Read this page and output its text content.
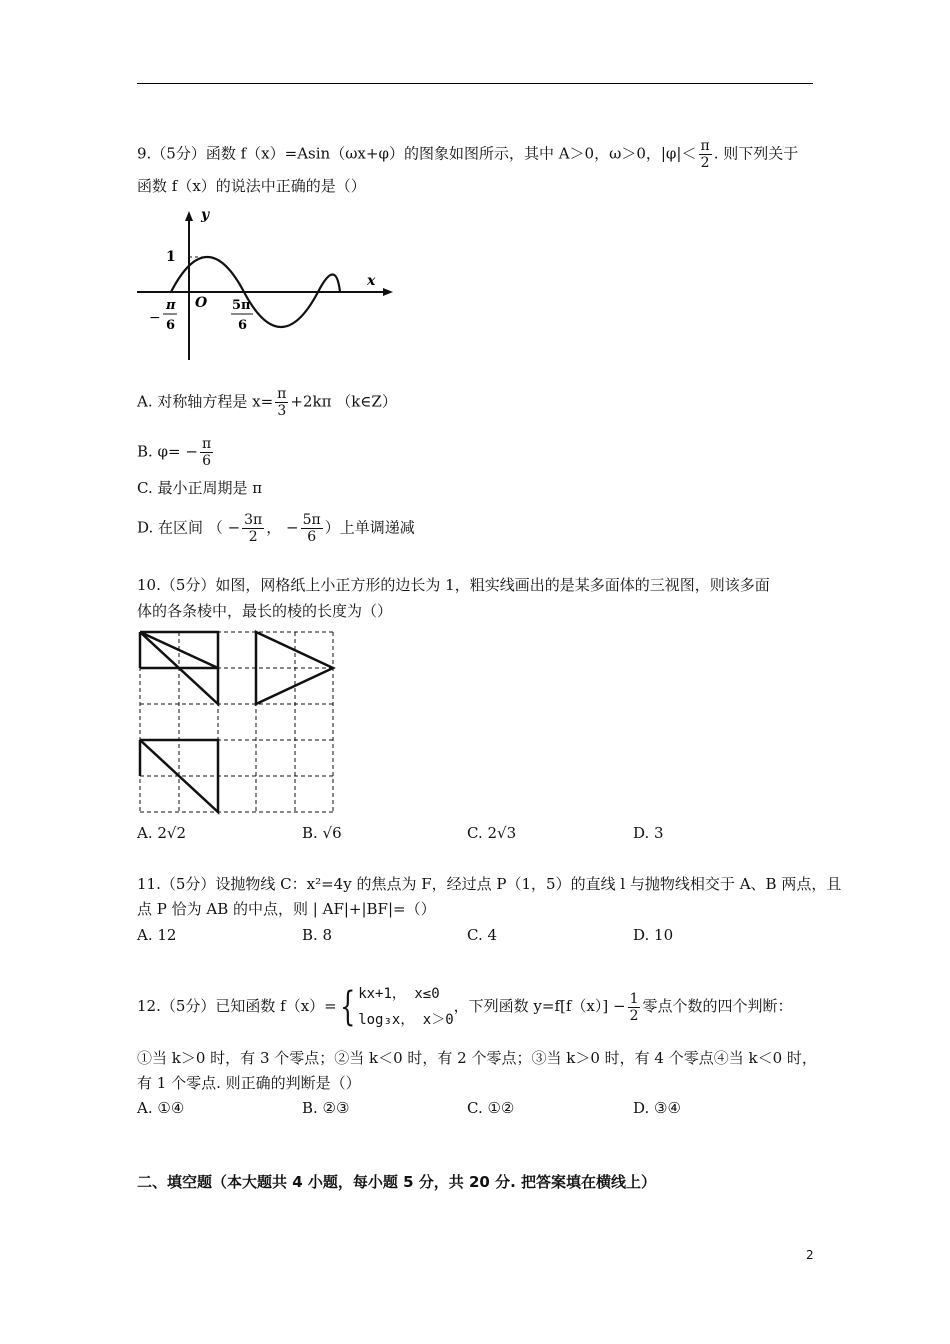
9.（5分）函数 f（x）=Asin（ωx+φ）的图象如图所示，其中 A＞0，ω＞0，$|\varphi|< \frac{\pi}{2}$ . 则下列关于
函数 f（x）的说法中正确的是（）
y
x
1
O
−
π
6
5π
6
A. 对称轴方程是 $x= \frac{\pi}{3} +2k\pi$ （k∈Z）
B. $\varphi= - \frac{\pi}{6}$
C. 最小正周期是 π
D. 在区间 （ − $\frac{3\pi}{2}$ ， − $\frac{5\pi}{6}$ ）上单调递减
10.（5分）如图，网格纸上小正方形的边长为 1，粗实线画出的是某多面体的三视图，则该多面
体的各条棱中，最长的棱的长度为（）
A. 2√2	B. √6	C. 2√3	D. 3
11.（5分）设抛物线 C：x²=4y 的焦点为 F，经过点 P（1，5）的直线 l 与抛物线相交于 A、B 两点，且
点 P 恰为 AB 的中点，则 | AF|+|BF|=（）
A. 12	B. 8	C. 4	D. 10
12.（5分）已知函数 f（x）={ kx+1， x≤0
log₃x， x＞0
，下列函数 $y=f[f(x)] - \frac{1}{2}$ 零点个数的四个判断：
①当 k＞0 时，有 3 个零点；②当 k＜0 时，有 2 个零点；③当 k＞0 时，有 4 个零点④当 k＜0 时，
有 1 个零点. 则正确的判断是（）
A. ①④	B. ②③	C. ①②	D. ③④
二、填空题（本大题共 4 小题，每小题 5 分，共 20 分. 把答案填在横线上）
2
